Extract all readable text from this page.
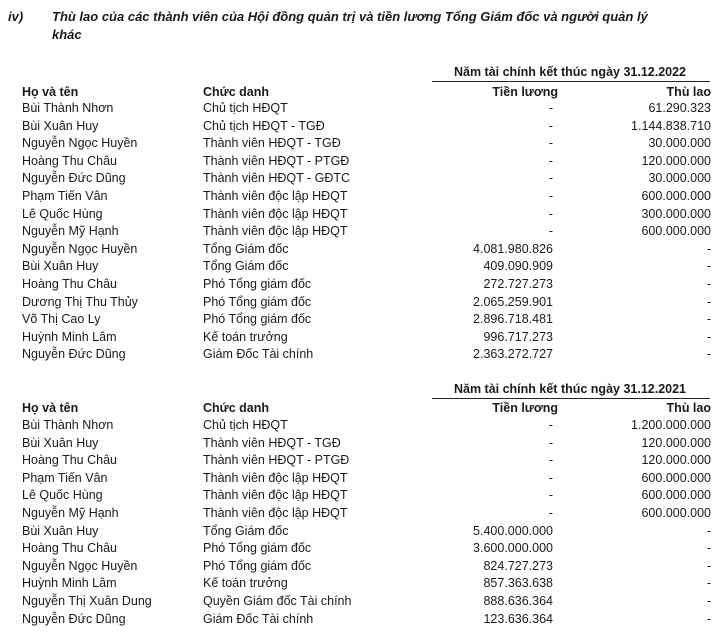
iv) Thù lao của các thành viên của Hội đồng quản trị và tiền lương Tổng Giám đốc và người quản lý
khác
Năm tài chính kết thúc ngày 31.12.2022
Họ và tên	Chức danh	Tiền lương	Thù lao
Bùi Thành Nhơn	Chủ tịch HĐQT	-	61.290.323
Bùi Xuân Huy	Chủ tịch HĐQT - TGĐ	-	1.144.838.710
Nguyễn Ngọc Huyền	Thành viên HĐQT - TGĐ	-	30.000.000
Hoàng Thu Châu	Thành viên HĐQT - PTGĐ	-	120.000.000
Nguyễn Đức Dũng	Thành viên HĐQT - GĐTC	-	30.000.000
Phạm Tiến Vân	Thành viên độc lập HĐQT	-	600.000.000
Lê Quốc Hùng	Thành viên độc lập HĐQT	-	300.000.000
Nguyễn Mỹ Hạnh	Thành viên độc lập HĐQT	-	600.000.000
Nguyễn Ngọc Huyền	Tổng Giám đốc	4.081.980.826	-
Bùi Xuân Huy	Tổng Giám đốc	409.090.909	-
Hoàng Thu Châu	Phó Tổng giám đốc	272.727.273	-
Dương Thị Thu Thủy	Phó Tổng giám đốc	2.065.259.901	-
Võ Thị Cao Ly	Phó Tổng giám đốc	2.896.718.481	-
Huỳnh Minh Lâm	Kế toán trưởng	996.717.273	-
Nguyễn Đức Dũng	Giám Đốc Tài chính	2.363.272.727	-
Năm tài chính kết thúc ngày 31.12.2021
Họ và tên	Chức danh	Tiền lương	Thù lao
Bùi Thành Nhơn	Chủ tịch HĐQT	-	1.200.000.000
Bùi Xuân Huy	Thành viên HĐQT - TGĐ	-	120.000.000
Hoàng Thu Châu	Thành viên HĐQT - PTGĐ	-	120.000.000
Phạm Tiến Vân	Thành viên độc lập HĐQT	-	600.000.000
Lê Quốc Hùng	Thành viên độc lập HĐQT	-	600.000.000
Nguyễn Mỹ Hạnh	Thành viên độc lập HĐQT	-	600.000.000
Bùi Xuân Huy	Tổng Giám đốc	5.400.000.000	-
Hoàng Thu Châu	Phó Tổng giám đốc	3.600.000.000	-
Nguyễn Ngọc Huyền	Phó Tổng giám đốc	824.727.273	-
Huỳnh Minh Lâm	Kế toán trưởng	857.363.638	-
Nguyễn Thị Xuân Dung	Quyền Giám đốc Tài chính	888.636.364	-
Nguyễn Đức Dũng	Giám Đốc Tài chính	123.636.364	-
